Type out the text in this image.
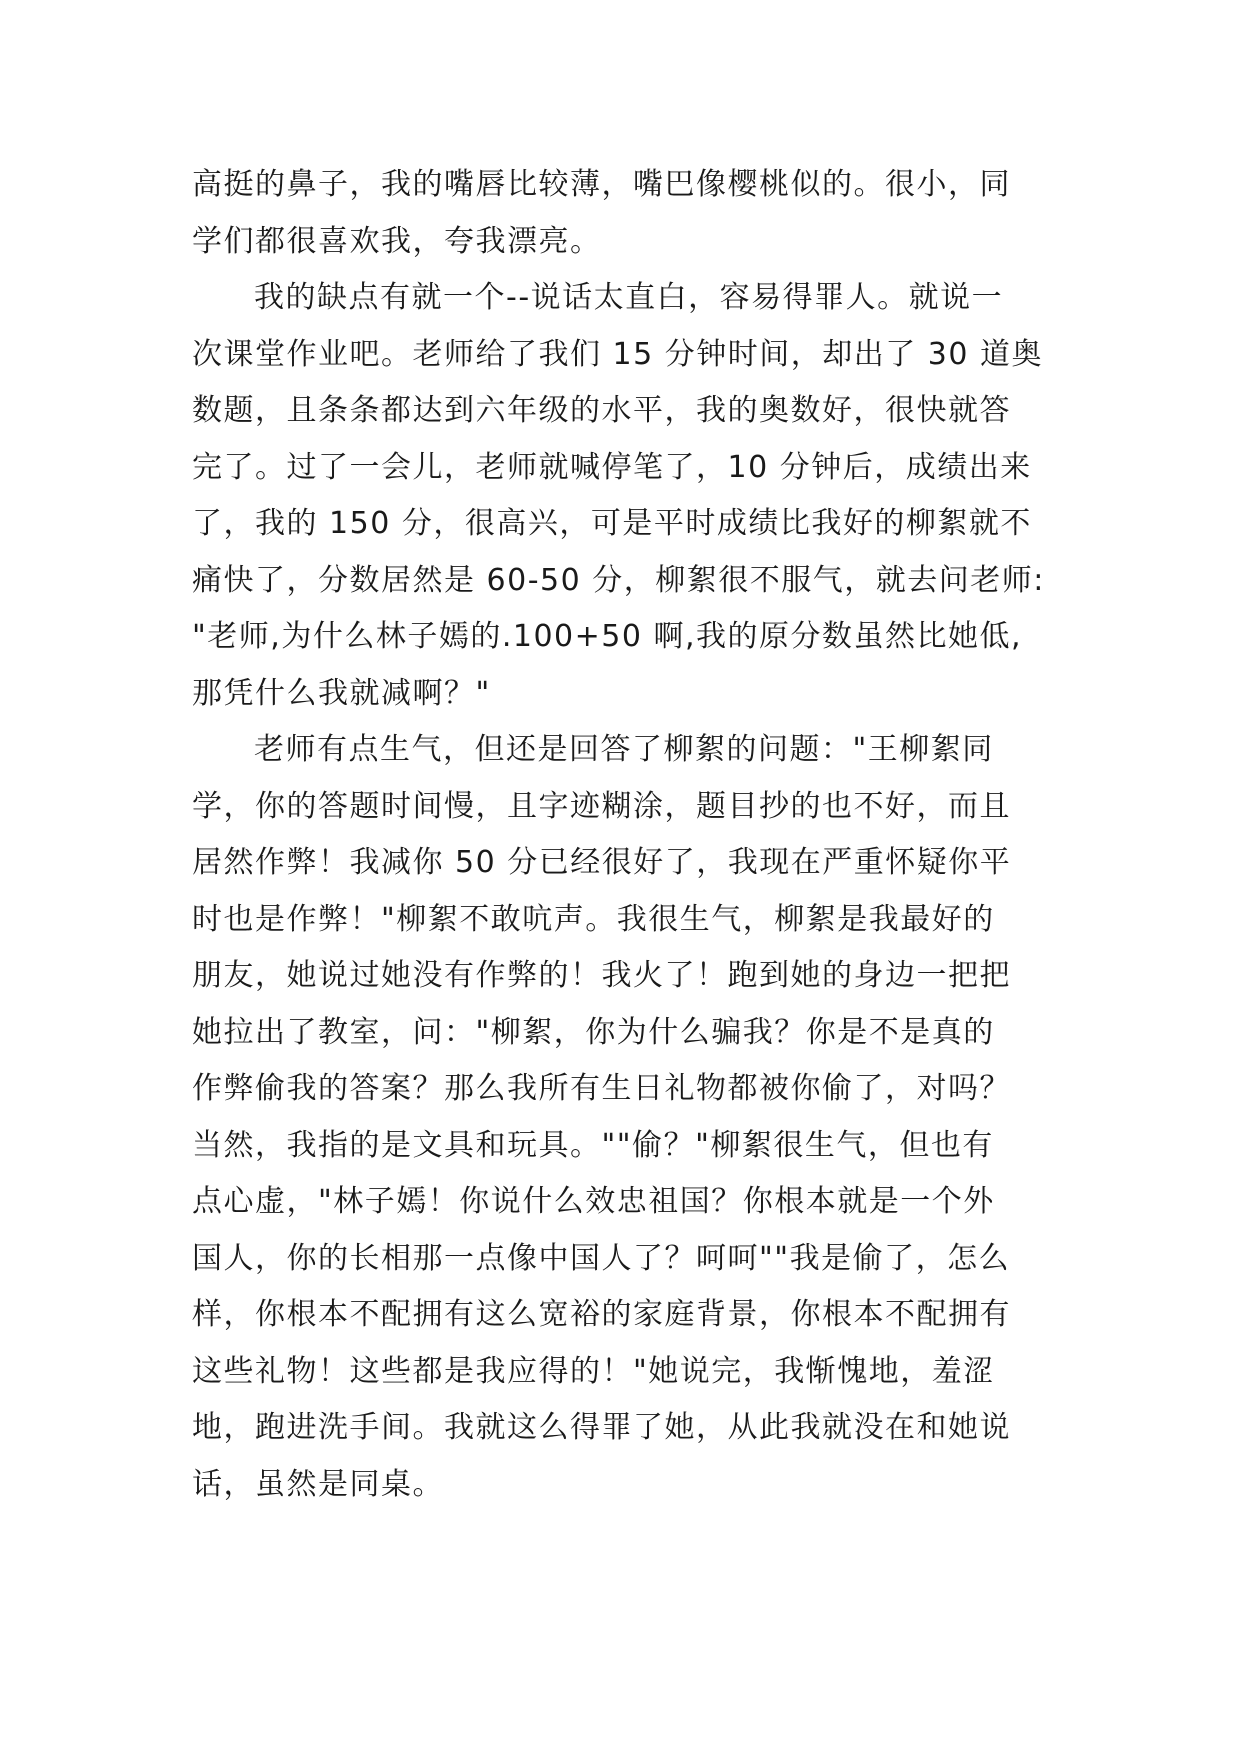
高挺的鼻子，我的嘴唇比较薄，嘴巴像樱桃似的。很小，同
学们都很喜欢我，夸我漂亮。
我的缺点有就一个--说话太直白，容易得罪人。就说一
次课堂作业吧。老师给了我们 15 分钟时间，却出了 30 道奥
数题，且条条都达到六年级的水平，我的奥数好，很快就答
完了。过了一会儿，老师就喊停笔了，10 分钟后，成绩出来
了，我的 150 分，很高兴，可是平时成绩比我好的柳絮就不
痛快了，分数居然是 60-50 分，柳絮很不服气，就去问老师:
"老师,为什么林子嫣的.100+50 啊,我的原分数虽然比她低,
那凭什么我就减啊？"
老师有点生气，但还是回答了柳絮的问题："王柳絮同
学，你的答题时间慢，且字迹糊涂，题目抄的也不好，而且
居然作弊！我减你 50 分已经很好了，我现在严重怀疑你平
时也是作弊！"柳絮不敢吭声。我很生气，柳絮是我最好的
朋友，她说过她没有作弊的！我火了！跑到她的身边一把把
她拉出了教室，问："柳絮，你为什么骗我？你是不是真的
作弊偷我的答案？那么我所有生日礼物都被你偷了，对吗？
当然，我指的是文具和玩具。""偷？"柳絮很生气，但也有
点心虚，"林子嫣！你说什么效忠祖国？你根本就是一个外
国人，你的长相那一点像中国人了？呵呵""我是偷了，怎么
样，你根本不配拥有这么宽裕的家庭背景，你根本不配拥有
这些礼物！这些都是我应得的！"她说完，我惭愧地，羞涩
地，跑进洗手间。我就这么得罪了她，从此我就没在和她说
话，虽然是同桌。
